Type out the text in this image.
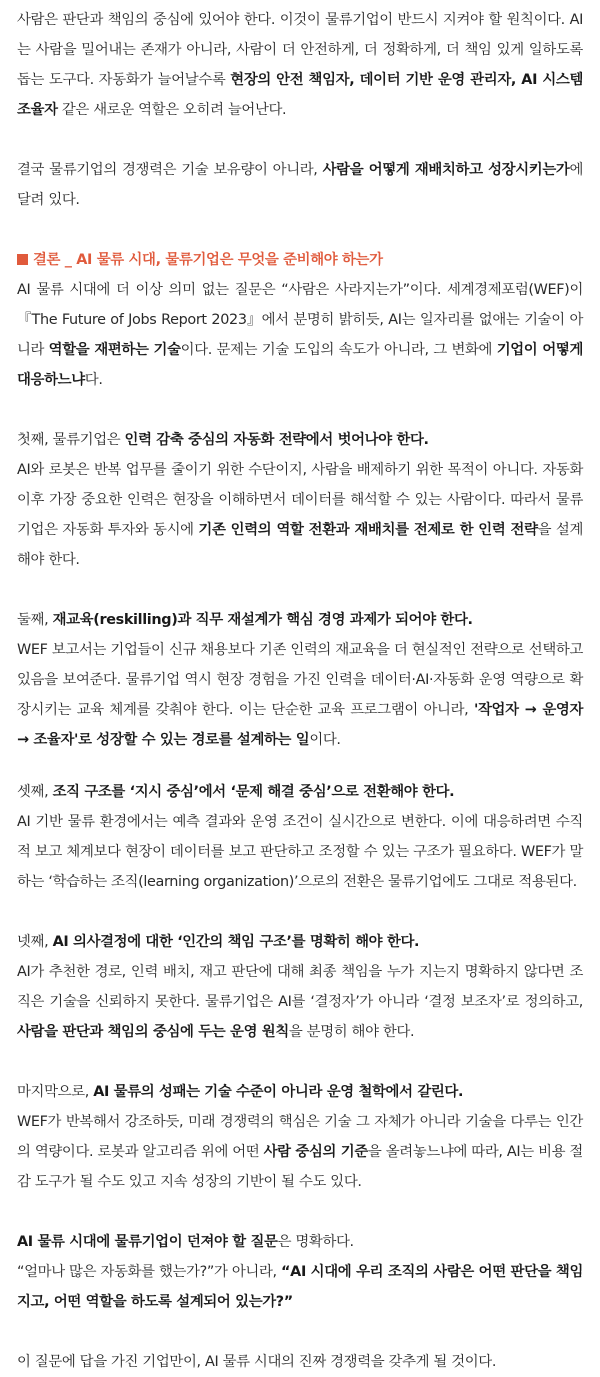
사람은 판단과 책임의 중심에 있어야 한다. 이것이 물류기업이 반드시 지켜야 할 원칙이다. AI는 사람을 밀어내는 존재가 아니라, 사람이 더 안전하게, 더 정확하게, 더 책임 있게 일하도록 돕는 도구다. 자동화가 늘어날수록 현장의 안전 책임자, 데이터 기반 운영 관리자, AI 시스템 조율자 같은 새로운 역할은 오히려 늘어난다.

결국 물류기업의 경쟁력은 기술 보유량이 아니라, 사람을 어떻게 재배치하고 성장시키는가에 달려 있다.

결론 _ AI 물류 시대, 물류기업은 무엇을 준비해야 하는가

AI 물류 시대에 더 이상 의미 없는 질문은 “사람은 사라지는가”이다. 세계경제포럼(WEF)이 『The Future of Jobs Report 2023』에서 분명히 밝히듯, AI는 일자리를 없애는 기술이 아니라 역할을 재편하는 기술이다. 문제는 기술 도입의 속도가 아니라, 그 변화에 기업이 어떻게 대응하느냐다.

첫째, 물류기업은 인력 감축 중심의 자동화 전략에서 벗어나야 한다.

AI와 로봇은 반복 업무를 줄이기 위한 수단이지, 사람을 배제하기 위한 목적이 아니다. 자동화 이후 가장 중요한 인력은 현장을 이해하면서 데이터를 해석할 수 있는 사람이다. 따라서 물류기업은 자동화 투자와 동시에 기존 인력의 역할 전환과 재배치를 전제로 한 인력 전략을 설계해야 한다.

둘째, 재교육(reskilling)과 직무 재설계가 핵심 경영 과제가 되어야 한다.

WEF 보고서는 기업들이 신규 채용보다 기존 인력의 재교육을 더 현실적인 전략으로 선택하고 있음을 보여준다. 물류기업 역시 현장 경험을 가진 인력을 데이터·AI·자동화 운영 역량으로 확장시키는 교육 체계를 갖춰야 한다. 이는 단순한 교육 프로그램이 아니라, '작업자 → 운영자 → 조율자'로 성장할 수 있는 경로를 설계하는 일이다.

셋째, 조직 구조를 ‘지시 중심’에서 ‘문제 해결 중심’으로 전환해야 한다.

AI 기반 물류 환경에서는 예측 결과와 운영 조건이 실시간으로 변한다. 이에 대응하려면 수직적 보고 체계보다 현장이 데이터를 보고 판단하고 조정할 수 있는 구조가 필요하다. WEF가 말하는 ‘학습하는 조직(learning organization)’으로의 전환은 물류기업에도 그대로 적용된다.

넷째, AI 의사결정에 대한 ‘인간의 책임 구조’를 명확히 해야 한다.

AI가 추천한 경로, 인력 배치, 재고 판단에 대해 최종 책임을 누가 지는지 명확하지 않다면 조직은 기술을 신뢰하지 못한다. 물류기업은 AI를 ‘결정자’가 아니라 ‘결정 보조자’로 정의하고, 사람을 판단과 책임의 중심에 두는 운영 원칙을 분명히 해야 한다.

마지막으로, AI 물류의 성패는 기술 수준이 아니라 운영 철학에서 갈린다.

WEF가 반복해서 강조하듯, 미래 경쟁력의 핵심은 기술 그 자체가 아니라 기술을 다루는 인간의 역량이다. 로봇과 알고리즘 위에 어떤 사람 중심의 기준을 올려놓느냐에 따라, AI는 비용 절감 도구가 될 수도 있고 지속 성장의 기반이 될 수도 있다.

AI 물류 시대에 물류기업이 던져야 할 질문은 명확하다.

“얼마나 많은 자동화를 했는가?”가 아니라, “AI 시대에 우리 조직의 사람은 어떤 판단을 책임지고, 어떤 역할을 하도록 설계되어 있는가?”

이 질문에 답을 가진 기업만이, AI 물류 시대의 진짜 경쟁력을 갖추게 될 것이다.
